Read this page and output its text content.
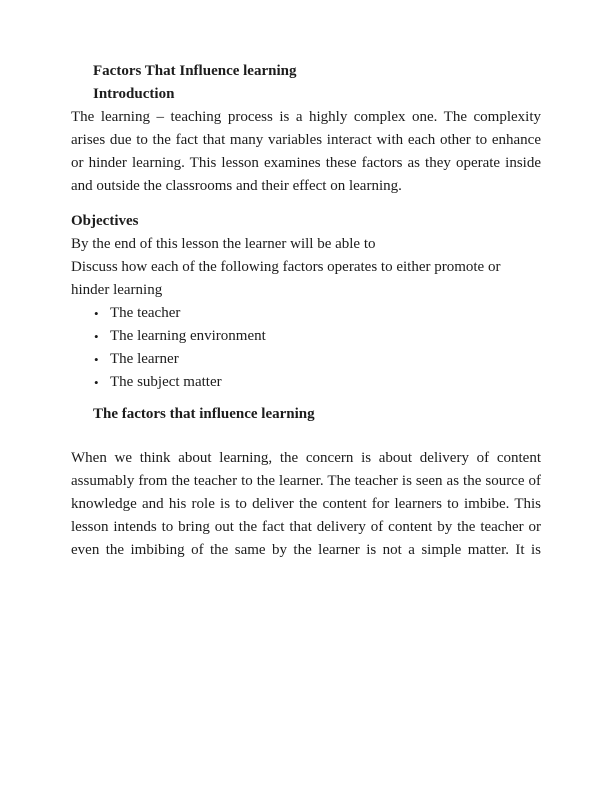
Factors That Influence learning
Introduction

The learning – teaching process is a highly complex one. The complexity arises due to the fact that many variables interact with each other to enhance or hinder learning. This lesson examines these factors as they operate inside and outside the classrooms and their effect on learning.

Objectives
By the end of this lesson the learner will be able to
Discuss how each of the following factors operates to either promote or hinder learning
• The teacher
• The learning environment
• The learner
• The subject matter
The factors that influence learning

When we think about learning, the concern is about delivery of content assumably from the teacher to the learner. The teacher is seen as the source of knowledge and his role is to deliver the content for learners to imbibe. This lesson intends to bring out the fact that delivery of content by the teacher or even the imbibing of the same by the learner is not a simple matter. It is
